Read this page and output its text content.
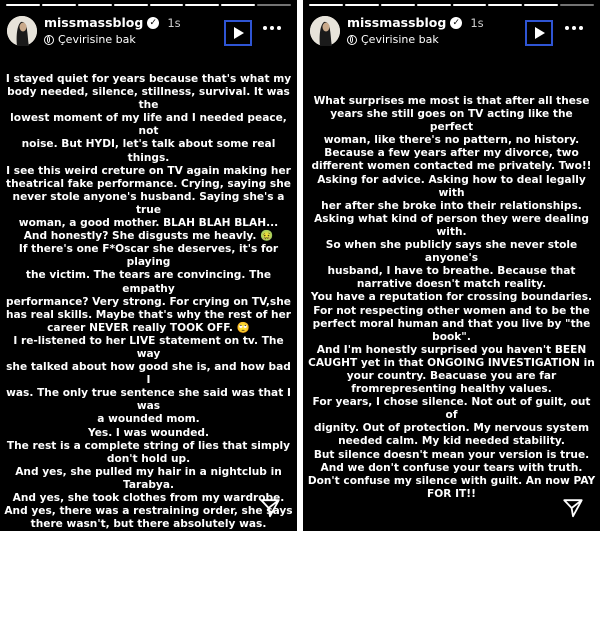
missmassblog ✓ 1s
Çevirisine bak
I stayed quiet for years because that's what my
body needed, silence, stillness, survival. It was the
lowest moment of my life and I needed peace, not
noise. But HYDI, let's talk about some real things.
I see this weird creture on TV again making her
theatrical fake performance. Crying, saying she
never stole anyone's husband. Saying she's a true
woman, a good mother. BLAH BLAH BLAH...
And honestly? She disgusts me heavly. 🤢
If there's one F*Oscar she deserves, it's for playing
the victim. The tears are convincing. The empathy
performance? Very strong. For crying on TV,she
has real skills. Maybe that's why the rest of her
career NEVER really TOOK OFF. 🙄
I re-listened to her LIVE statement on tv. The way
she talked about how good she is, and how bad I
was. The only true sentence she said was that I was
a wounded mom.
Yes. I was wounded.
The rest is a complete string of lies that simply
don't hold up.
And yes, she pulled my hair in a nightclub in
Tarabya.
And yes, she took clothes from my wardrobe.
And yes, there was a restraining order, she says
there wasn't, but there absolutely was.
And yes, they went to the owners of those venues to
delete the security camera footage, even though
she claims she has them on her defens.
Everything she mentioned in that live is nothing
but a pack of lies.
missmassblog ✓ 1s
Çevirisine bak
What surprises me most is that after all these
years she still goes on TV acting like the perfect
woman, like there's no pattern, no history.
Because a few years after my divorce, two
different women contacted me privately. Two!!
Asking for advice. Asking how to deal legally with
her after she broke into their relationships.
Asking what kind of person they were dealing
with.
So when she publicly says she never stole anyone's
husband, I have to breathe. Because that
narrative doesn't match reality.
You have a reputation for crossing boundaries.
For not respecting other women and to be the
perfect moral human and that you live by "the
book".
And I'm honestly surprised you haven't BEEN
CAUGHT yet in that ONGOING INVESTIGATION in
your country. Beacuase you are far
fromrepresenting healthy values.
For years, I chose silence. Not out of guilt, out of
dignity. Out of protection. My nervous system
needed calm. My kid needed stability.
But silence doesn't mean your version is true.
And we don't confuse your tears with truth.
Don't confuse my silence with guilt. An now PAY
FOR IT!!
